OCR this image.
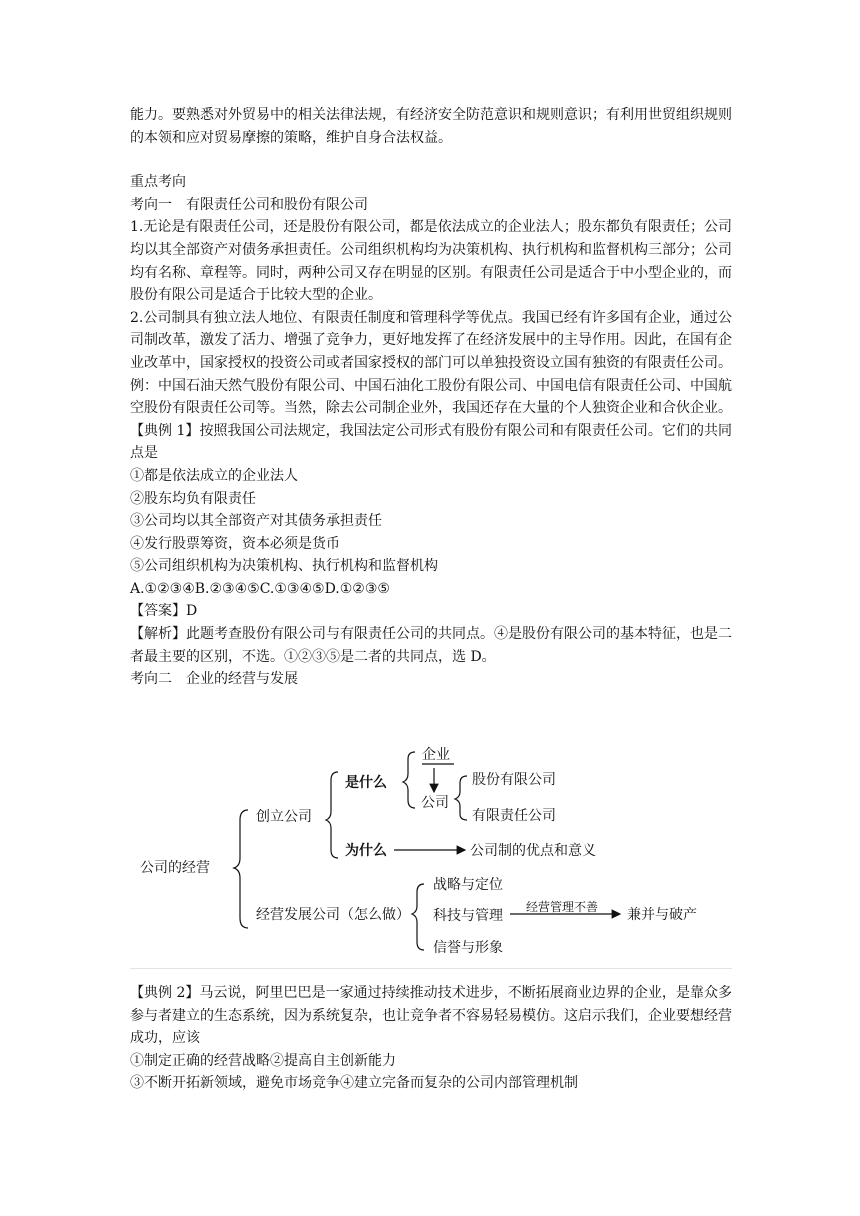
能力。要熟悉对外贸易中的相关法律法规，有经济安全防范意识和规则意识；有利用世贸组织规则的本领和应对贸易摩擦的策略，维护自身合法权益。

重点考向

考向一　有限责任公司和股份有限公司

1.无论是有限责任公司，还是股份有限公司，都是依法成立的企业法人；股东都负有限责任；公司均以其全部资产对债务承担责任。公司组织机构均为决策机构、执行机构和监督机构三部分；公司均有名称、章程等。同时，两种公司又存在明显的区别。有限责任公司是适合于中小型企业的，而股份有限公司是适合于比较大型的企业。

2.公司制具有独立法人地位、有限责任制度和管理科学等优点。我国已经有许多国有企业，通过公司制改革，激发了活力、增强了竞争力，更好地发挥了在经济发展中的主导作用。因此，在国有企业改革中，国家授权的投资公司或者国家授权的部门可以单独投资设立国有独资的有限责任公司。例：中国石油天然气股份有限公司、中国石油化工股份有限公司、中国电信有限责任公司、中国航空股份有限责任公司等。当然，除去公司制企业外，我国还存在大量的个人独资企业和合伙企业。

【典例 1】按照我国公司法规定，我国法定公司形式有股份有限公司和有限责任公司。它们的共同点是

①都是依法成立的企业法人

②股东均负有限责任

③公司均以其全部资产对其债务承担责任

④发行股票筹资，资本必须是货币

⑤公司组织机构为决策机构、执行机构和监督机构

A.①②③④B.②③④⑤C.①③④⑤D.①②③⑤

【答案】D

【解析】此题考查股份有限公司与有限责任公司的共同点。④是股份有限公司的基本特征，也是二者最主要的区别，不选。①②③⑤是二者的共同点，选 D。

考向二　企业的经营与发展

公司的经营
创立公司
是什么
企业
公司
股份有限公司
有限责任公司
为什么	公司制的优点和意义
经营发展公司（怎么做）
战略与定位
科技与管理
信誉与形象
经营管理不善 兼并与破产

【典例 2】马云说，阿里巴巴是一家通过持续推动技术进步，不断拓展商业边界的企业，是靠众多参与者建立的生态系统，因为系统复杂，也让竞争者不容易轻易模仿。这启示我们，企业要想经营成功，应该

①制定正确的经营战略②提高自主创新能力

③不断开拓新领域，避免市场竞争④建立完备而复杂的公司内部管理机制
